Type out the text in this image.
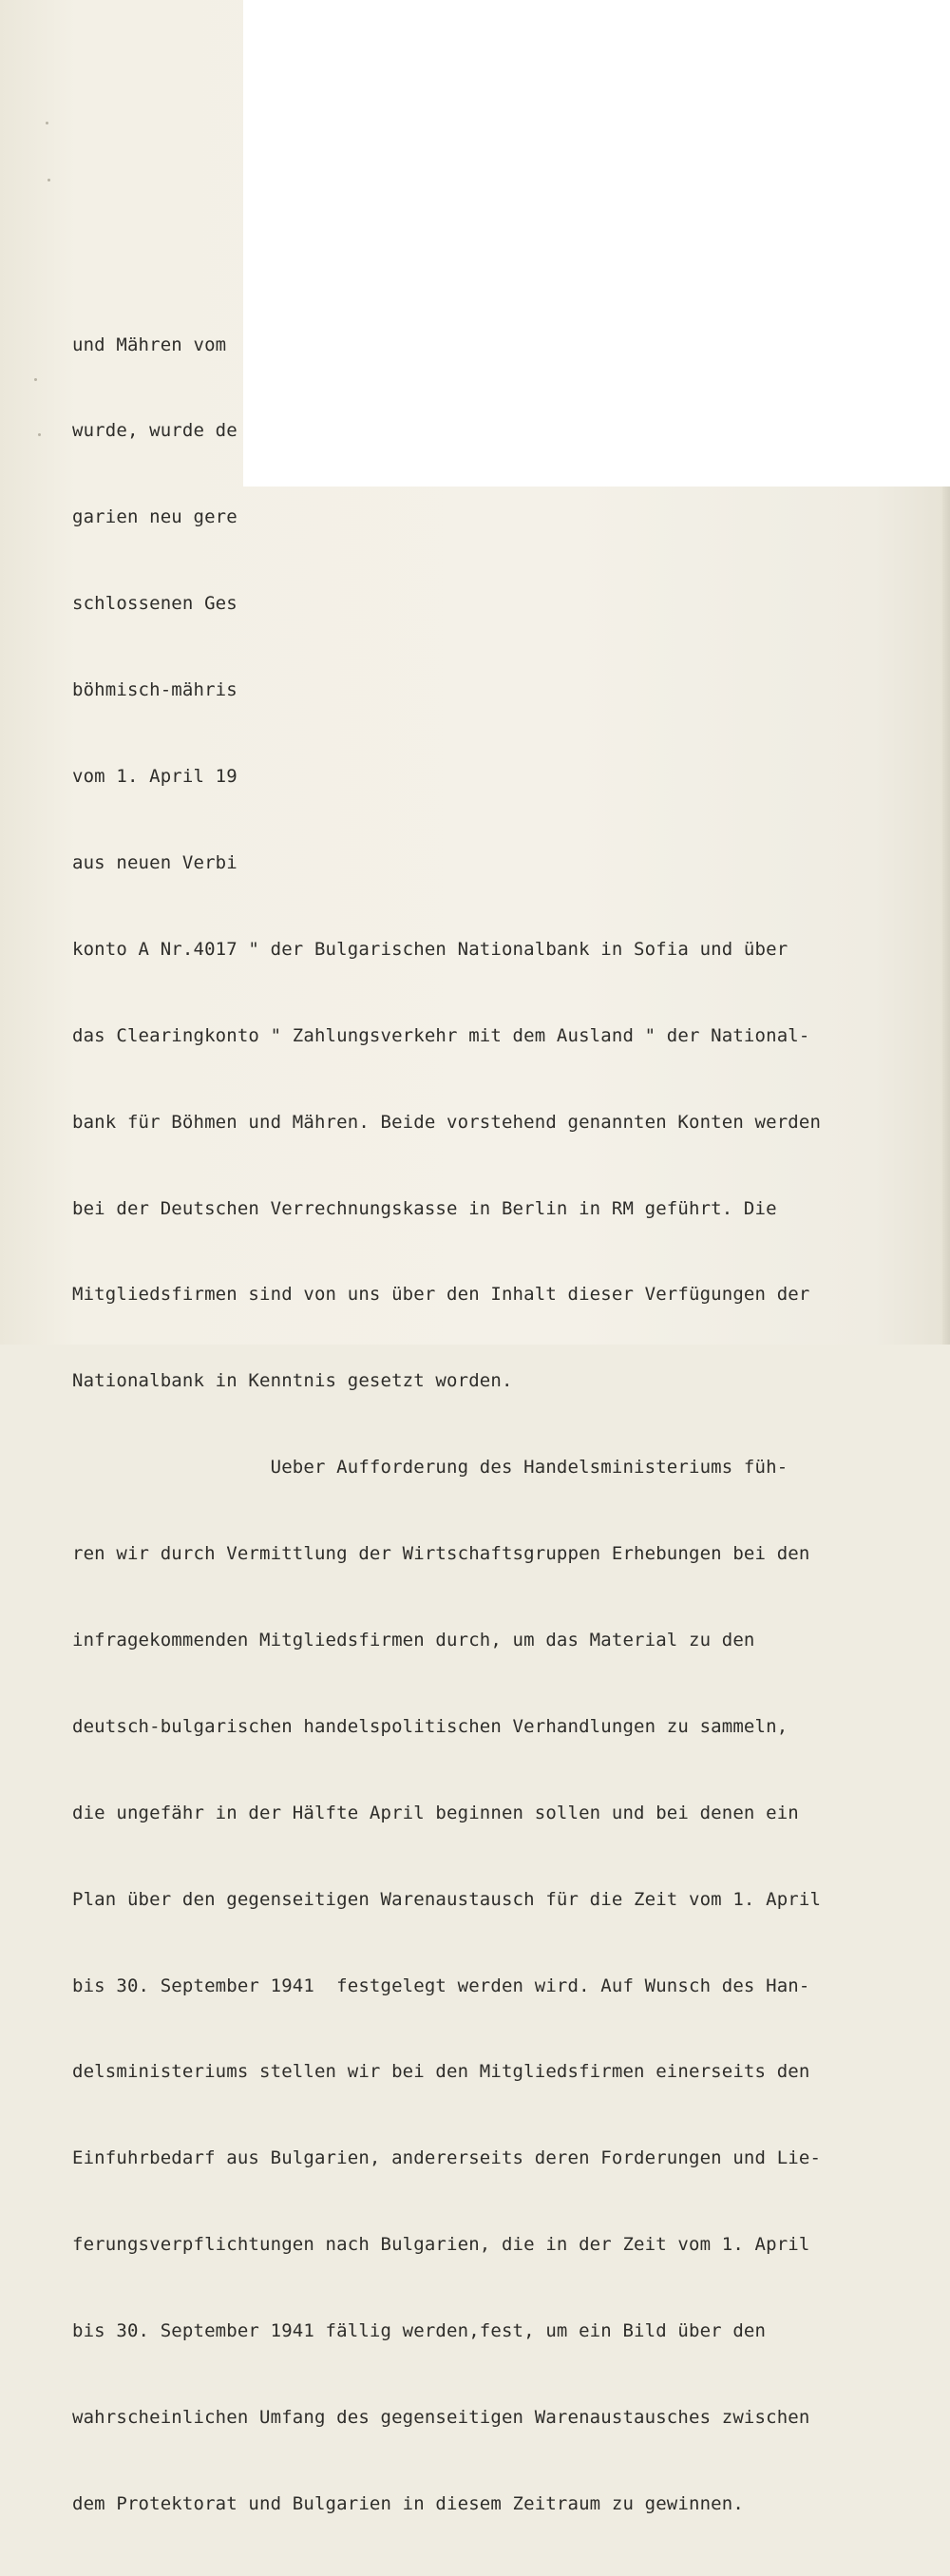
und Mähren vom

wurde, wurde de

garien neu gere

schlossenen Ges

böhmisch-mähris

vom 1. April 19

aus neuen Verbi

konto A Nr.4017 " der Bulgarischen Nationalbank in Sofia und über

das Clearingkonto " Zahlungsverkehr mit dem Ausland " der National-

bank für Böhmen und Mähren. Beide vorstehend genannten Konten werden

bei der Deutschen Verrechnungskasse in Berlin in RM geführt. Die

Mitgliedsfirmen sind von uns über den Inhalt dieser Verfügungen der

Nationalbank in Kenntnis gesetzt worden.

Ueber Aufforderung des Handelsministeriums füh-

ren wir durch Vermittlung der Wirtschaftsgruppen Erhebungen bei den

infragekommenden Mitgliedsfirmen durch, um das Material zu den

deutsch-bulgarischen handelspolitischen Verhandlungen zu sammeln,

die ungefähr in der Hälfte April beginnen sollen und bei denen ein

Plan über den gegenseitigen Warenaustausch für die Zeit vom 1. April

bis 30. September 1941  festgelegt werden wird. Auf Wunsch des Han-

delsministeriums stellen wir bei den Mitgliedsfirmen einerseits den

Einfuhrbedarf aus Bulgarien, andererseits deren Forderungen und Lie-

ferungsverpflichtungen nach Bulgarien, die in der Zeit vom 1. April

bis 30. September 1941 fällig werden,fest, um ein Bild über den

wahrscheinlichen Umfang des gegenseitigen Warenaustausches zwischen

dem Protektorat und Bulgarien in diesem Zeitraum zu gewinnen.
